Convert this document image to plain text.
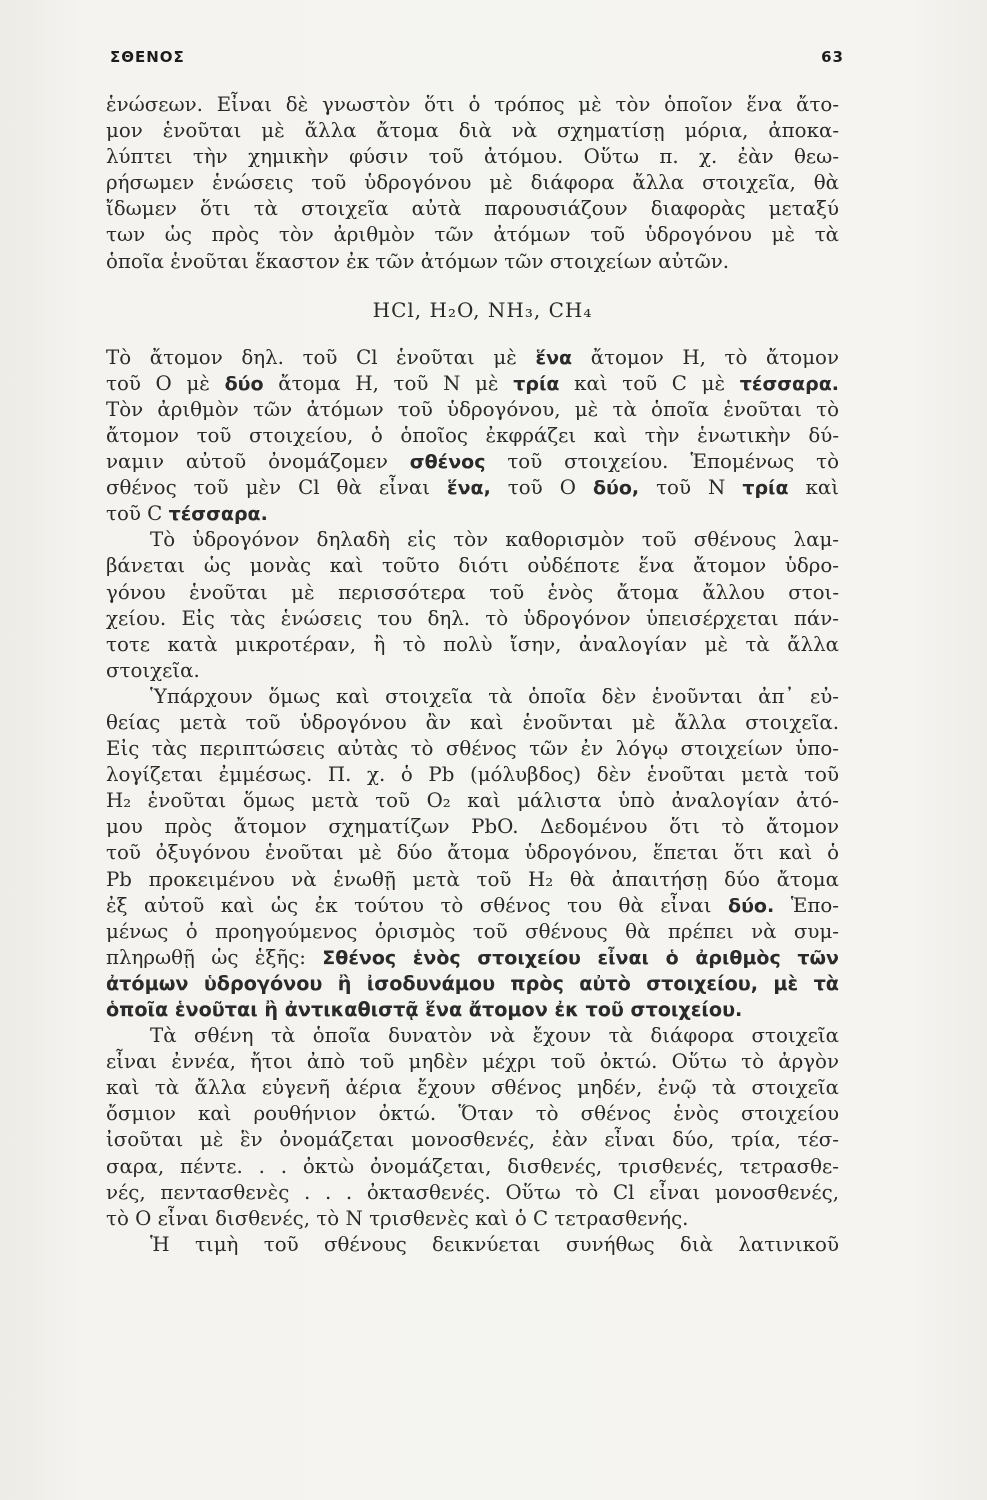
ΣΘΕΝΟΣ	63
ἑνώσεων. Εἶναι δὲ γνωστὸν ὅτι ὁ τρόπος μὲ τὸν ὁποῖον ἕνα ἄτο-
μον ἑνοῦται μὲ ἄλλα ἄτομα διὰ νὰ σχηματίσῃ μόρια, ἀποκα-
λύπτει τὴν χημικὴν φύσιν τοῦ ἀτόμου. Οὕτω π. χ. ἐὰν θεω-
ρήσωμεν ἑνώσεις τοῦ ὑδρογόνου μὲ διάφορα ἄλλα στοιχεῖα, θὰ
ἴδωμεν ὅτι τὰ στοιχεῖα αὐτὰ παρουσιάζουν διαφορὰς μεταξύ
των ὡς πρὸς τὸν ἀριθμὸν τῶν ἀτόμων τοῦ ὑδρογόνου μὲ τὰ
ὁποῖα ἑνοῦται ἕκαστον ἐκ τῶν ἀτόμων τῶν στοιχείων αὐτῶν.
HCl, H₂O, NH₃, CH₄
Τὸ ἄτομον δηλ. τοῦ Cl ἑνοῦται μὲ ἕνα ἄτομον H, τὸ ἄτομον
τοῦ O μὲ δύο ἄτομα H, τοῦ N μὲ τρία καὶ τοῦ C μὲ τέσσαρα.
Τὸν ἀριθμὸν τῶν ἀτόμων τοῦ ὑδρογόνου, μὲ τὰ ὁποῖα ἑνοῦται τὸ
ἄτομον τοῦ στοιχείου, ὁ ὁποῖος ἐκφράζει καὶ τὴν ἑνωτικὴν δύ-
ναμιν αὐτοῦ ὀνομάζομεν σθένος τοῦ στοιχείου. Ἑπομένως τὸ
σθένος τοῦ μὲν Cl θὰ εἶναι ἕνα, τοῦ O δύο, τοῦ N τρία καὶ
τοῦ C τέσσαρα.
Τὸ ὑδρογόνον δηλαδὴ εἰς τὸν καθορισμὸν τοῦ σθένους λαμ-
βάνεται ὡς μονὰς καὶ τοῦτο διότι οὐδέποτε ἕνα ἄτομον ὑδρο-
γόνου ἑνοῦται μὲ περισσότερα τοῦ ἑνὸς ἄτομα ἄλλου στοι-
χείου. Εἰς τὰς ἑνώσεις του δηλ. τὸ ὑδρογόνον ὑπεισέρχεται πάν-
τοτε κατὰ μικροτέραν, ἢ τὸ πολὺ ἴσην, ἀναλογίαν μὲ τὰ ἄλλα
στοιχεῖα.
Ὑπάρχουν ὅμως καὶ στοιχεῖα τὰ ὁποῖα δὲν ἑνοῦνται ἀπ᾿ εὐ-
θείας μετὰ τοῦ ὑδρογόνου ἂν καὶ ἑνοῦνται μὲ ἄλλα στοιχεῖα.
Εἰς τὰς περιπτώσεις αὐτὰς τὸ σθένος τῶν ἐν λόγῳ στοιχείων ὑπο-
λογίζεται ἐμμέσως. Π. χ. ὁ Pb (μόλυβδος) δὲν ἑνοῦται μετὰ τοῦ
H₂ ἑνοῦται ὅμως μετὰ τοῦ O₂ καὶ μάλιστα ὑπὸ ἀναλογίαν ἀτό-
μου πρὸς ἄτομον σχηματίζων PbO. Δεδομένου ὅτι τὸ ἄτομον
τοῦ ὀξυγόνου ἑνοῦται μὲ δύο ἄτομα ὑδρογόνου, ἕπεται ὅτι καὶ ὁ
Pb προκειμένου νὰ ἑνωθῇ μετὰ τοῦ H₂ θὰ ἀπαιτήσῃ δύο ἄτομα
ἐξ αὐτοῦ καὶ ὡς ἐκ τούτου τὸ σθένος του θὰ εἶναι δύο. Ἑπο-
μένως ὁ προηγούμενος ὁρισμὸς τοῦ σθένους θὰ πρέπει νὰ συμ-
πληρωθῇ ὡς ἑξῆς: Σθένος ἑνὸς στοιχείου εἶναι ὁ ἀριθμὸς τῶν
ἀτόμων ὑδρογόνου ἢ ἰσοδυνάμου πρὸς αὐτὸ στοιχείου, μὲ τὰ
ὁποῖα ἑνοῦται ἢ ἀντικαθιστᾷ ἕνα ἄτομον ἐκ τοῦ στοιχείου.
Τὰ σθένη τὰ ὁποῖα δυνατὸν νὰ ἔχουν τὰ διάφορα στοιχεῖα
εἶναι ἐννέα, ἤτοι ἀπὸ τοῦ μηδὲν μέχρι τοῦ ὀκτώ. Οὕτω τὸ ἀργὸν
καὶ τὰ ἄλλα εὐγενῆ ἀέρια ἔχουν σθένος μηδέν, ἐνῷ τὰ στοιχεῖα
ὄσμιον καὶ ρουθήνιον ὀκτώ. Ὅταν τὸ σθένος ἑνὸς στοιχείου
ἰσοῦται μὲ ἓν ὀνομάζεται μονοσθενές, ἐὰν εἶναι δύο, τρία, τέσ-
σαρα, πέντε. . . ὀκτὼ ὀνομάζεται, δισθενές, τρισθενές, τετρασθε-
νές, πεντασθενὲς . . . ὀκτασθενές. Οὕτω τὸ Cl εἶναι μονοσθενές,
τὸ O εἶναι δισθενές, τὸ N τρισθενὲς καὶ ὁ C τετρασθενής.
Ἡ τιμὴ τοῦ σθένους δεικνύεται συνήθως διὰ λατινικοῦ
